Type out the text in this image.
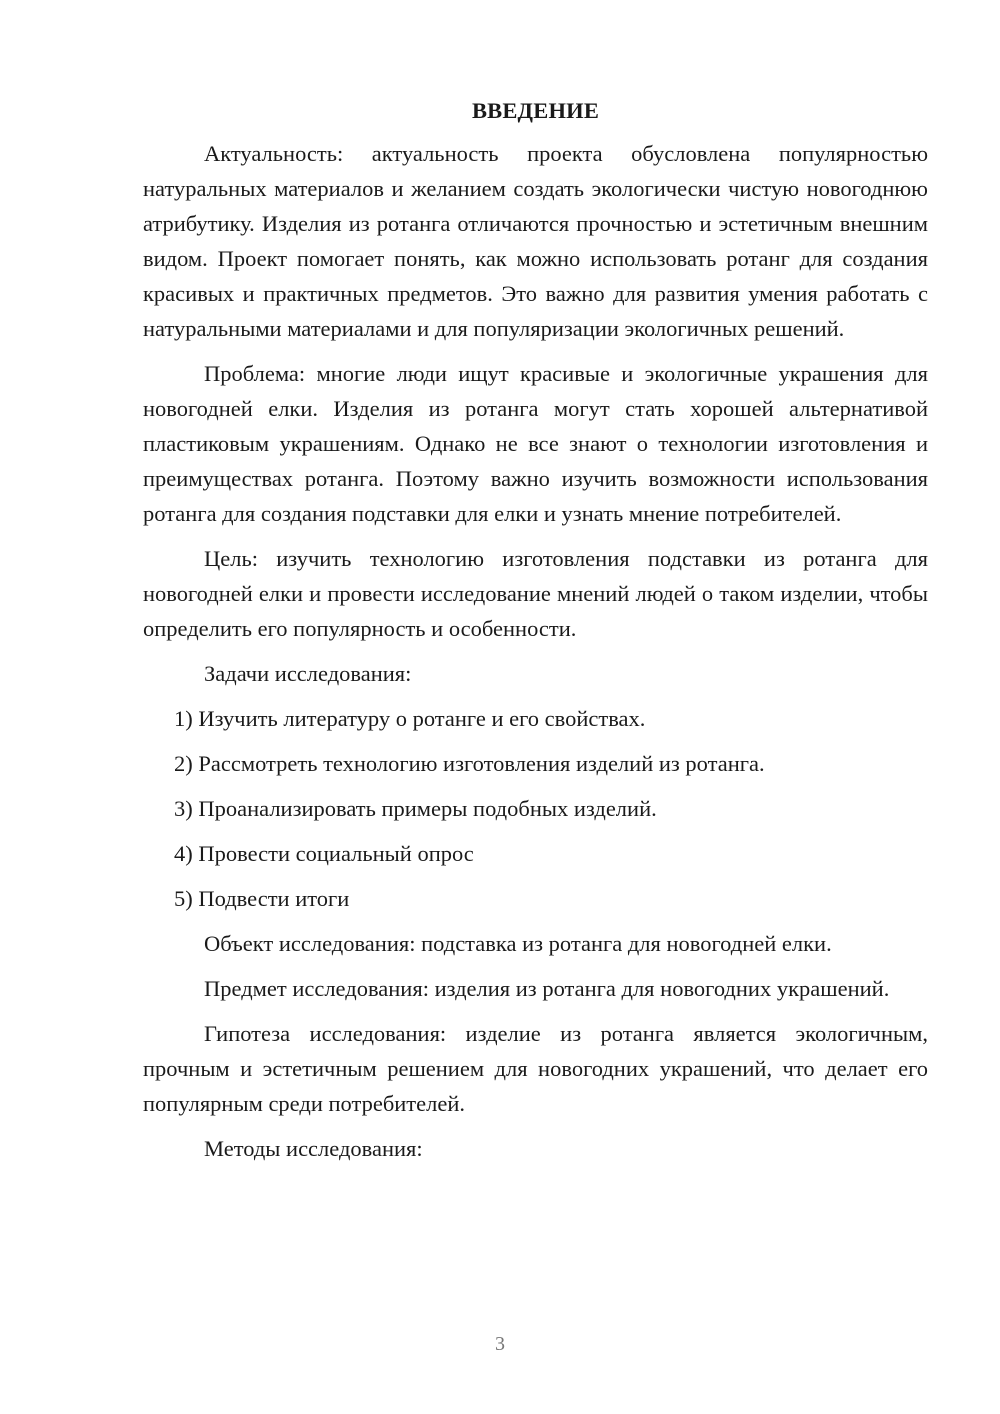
ВВЕДЕНИЕ

Актуальность: актуальность проекта обусловлена популярностью натуральных материалов и желанием создать экологически чистую новогоднюю атрибутику. Изделия из ротанга отличаются прочностью и эстетичным внешним видом. Проект помогает понять, как можно использовать ротанг для создания красивых и практичных предметов. Это важно для развития умения работать с натуральными материалами и для популяризации экологичных решений.

Проблема: многие люди ищут красивые и экологичные украшения для новогодней елки. Изделия из ротанга могут стать хорошей альтернативой пластиковым украшениям. Однако не все знают о технологии изготовления и преимуществах ротанга. Поэтому важно изучить возможности использования ротанга для создания подставки для елки и узнать мнение потребителей.

Цель: изучить технологию изготовления подставки из ротанга для новогодней елки и провести исследование мнений людей о таком изделии, чтобы определить его популярность и особенности.

Задачи исследования:

1) Изучить литературу о ротанге и его свойствах.

2) Рассмотреть технологию изготовления изделий из ротанга.

3) Проанализировать примеры подобных изделий.

4) Провести социальный опрос

5) Подвести итоги

Объект исследования: подставка из ротанга для новогодней елки.

Предмет исследования: изделия из ротанга для новогодних украшений.

Гипотеза исследования: изделие из ротанга является экологичным, прочным и эстетичным решением для новогодних украшений, что делает его популярным среди потребителей.

Методы исследования:

3
